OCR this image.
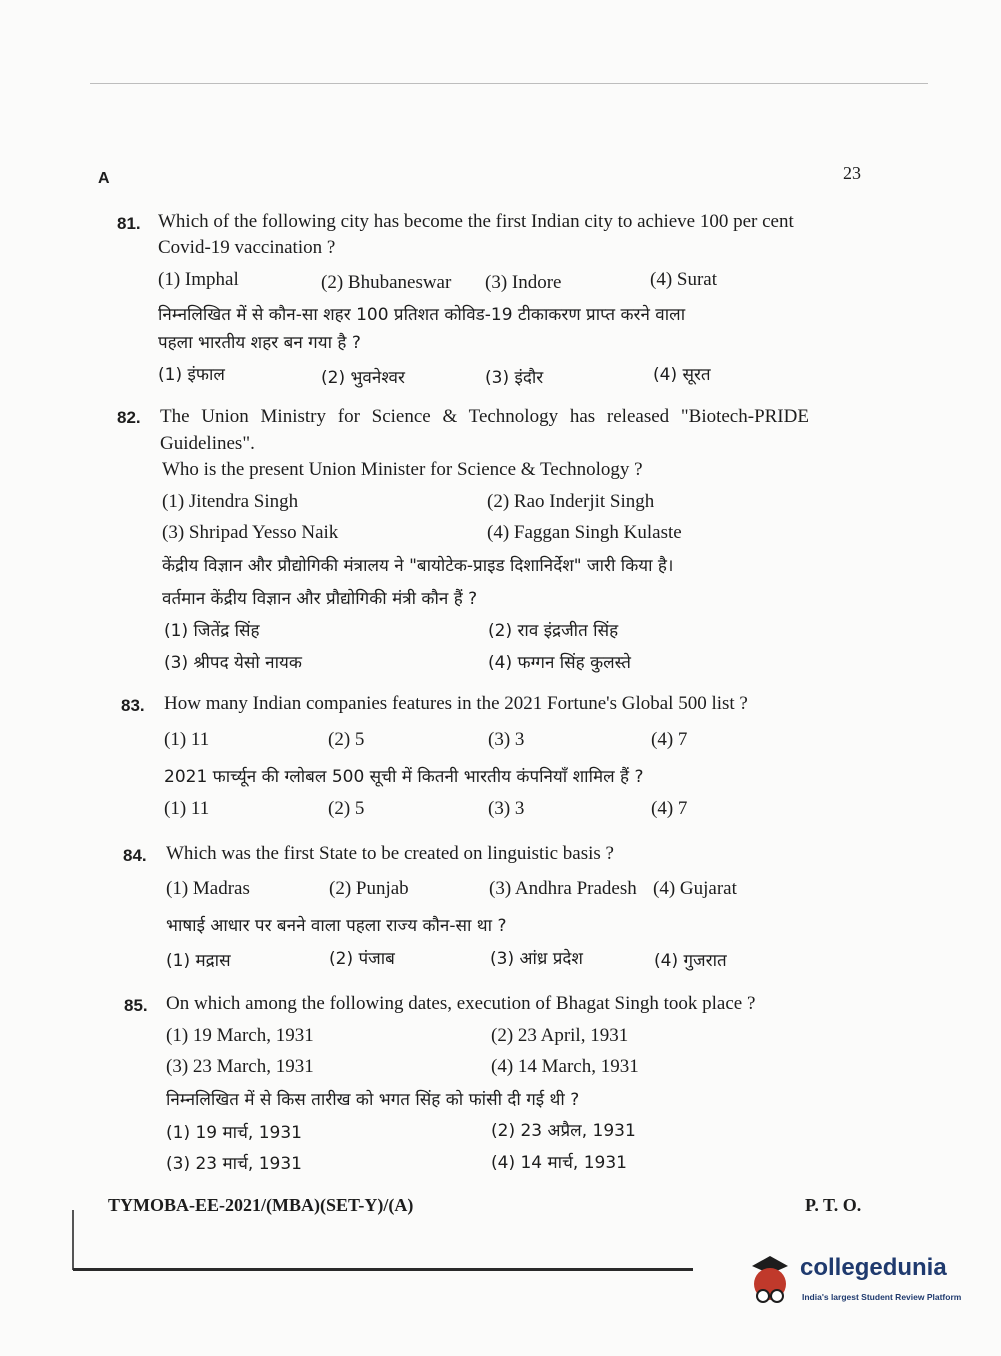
A	23
81. Which of the following city has become the first Indian city to achieve 100 per cent
Covid-19 vaccination ?
(1) Imphal	(2) Bhubaneswar (3) Indore	(4) Surat
निम्नलिखित में से कौन-सा शहर 100 प्रतिशत कोविड-19 टीकाकरण प्राप्त करने वाला
पहला भारतीय शहर बन गया है ?
(1) इंफाल	(2) भुवनेश्वर	(3) इंदौर	(4) सूरत
82. The Union Ministry for Science & Technology has released "Biotech-PRIDE
Guidelines".
Who is the present Union Minister for Science & Technology ?
(1) Jitendra Singh	(2) Rao Inderjit Singh
(3) Shripad Yesso Naik	(4) Faggan Singh Kulaste
केंद्रीय विज्ञान और प्रौद्योगिकी मंत्रालय ने "बायोटेक-प्राइड दिशानिर्देश" जारी किया है।
वर्तमान केंद्रीय विज्ञान और प्रौद्योगिकी मंत्री कौन हैं ?
(1) जितेंद्र सिंह	(2) राव इंद्रजीत सिंह
(3) श्रीपद येसो नायक	(4) फग्गन सिंह कुलस्ते
83. How many Indian companies features in the 2021 Fortune's Global 500 list ?
(1) 11	(2) 5	(3) 3	(4) 7
2021 फार्च्यून की ग्लोबल 500 सूची में कितनी भारतीय कंपनियाँ शामिल हैं ?
(1) 11	(2) 5	(3) 3	(4) 7
84. Which was the first State to be created on linguistic basis ?
(1) Madras	(2) Punjab	(3) Andhra Pradesh (4) Gujarat
भाषाई आधार पर बनने वाला पहला राज्य कौन-सा था ?
(1) मद्रास	(2) पंजाब	(3) आंध्र प्रदेश	(4) गुजरात
85. On which among the following dates, execution of Bhagat Singh took place ?
(1) 19 March, 1931	(2) 23 April, 1931
(3) 23 March, 1931	(4) 14 March, 1931
निम्नलिखित में से किस तारीख को भगत सिंह को फांसी दी गई थी ?
(1) 19 मार्च, 1931	(2) 23 अप्रैल, 1931
(3) 23 मार्च, 1931	(4) 14 मार्च, 1931
TYMOBA-EE-2021/(MBA)(SET-Y)/(A)	P. T. O.
collegedunia
India's largest Student Review Platform
